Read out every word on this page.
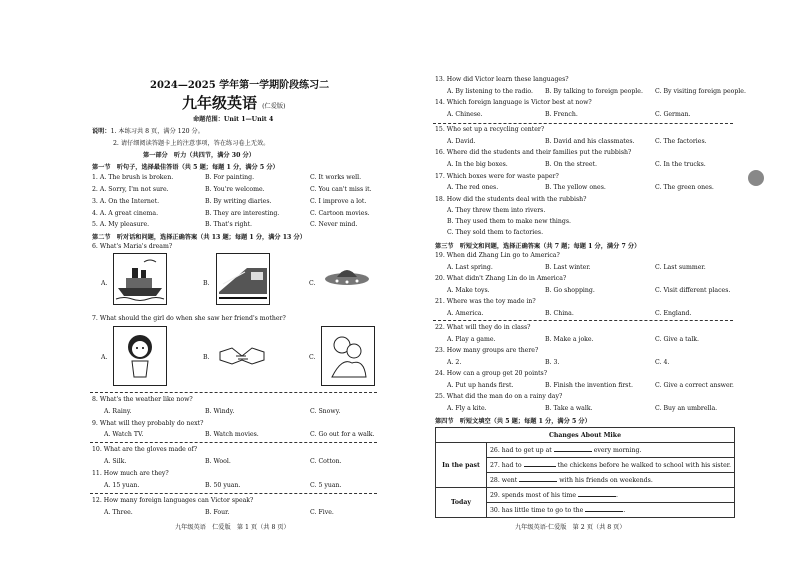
2024—2025 学年第一学期阶段练习二
九年级英语 (仁爱版)
命题范围：Unit 1—Unit 4
说明：1. 本练习共 8 页，满分 120 分。
2. 请仔细阅读答题卡上的注意事项，答在练习卷上无效。
第一部分　听力（共四节，满分 30 分）
第一节　听句子，选择最佳答语（共 5 题；每题 1 分，满分 5 分）
1. A. The brush is broken.	B. For painting.	C. It works well.
2. A. Sorry, I'm not sure.	B. You're welcome.	C. You can't miss it.
3. A. On the Internet.	B. By writing diaries.	C. I improve a lot.
4. A. A great cinema.	B. They are interesting.	C. Cartoon movies.
5. A. My pleasure.	B. That's right.	C. Never mind.
第二节　听对话和问题，选择正确答案（共 13 题；每题 1 分，满分 13 分）
6. What's Maria's dream?
A.	B.	C.
7. What should the girl do when she saw her friend's mother?
A.	B.	C.
8. What's the weather like now?
A. Rainy.	B. Windy.	C. Snowy.
9. What will they probably do next?
A. Watch TV.	B. Watch movies.	C. Go out for a walk.
10. What are the gloves made of?
A. Silk.	B. Wool.	C. Cotton.
11. How much are they?
A. 15 yuan.	B. 50 yuan.	C. 5 yuan.
12. How many foreign languages can Victor speak?
A. Three.	B. Four.	C. Five.
九年级英语　仁爱版　第 1 页（共 8 页）
13. How did Victor learn these languages?
A. By listening to the radio. B. By talking to foreign people. C. By visiting foreign people.
14. Which foreign language is Victor best at now?
A. Chinese.	B. French.	C. German.
15. Who set up a recycling center?
A. David.	B. David and his classmates.	C. The factories.
16. Where did the students and their families put the rubbish?
A. In the big boxes.	B. On the street.	C. In the trucks.
17. Which boxes were for waste paper?
A. The red ones.	B. The yellow ones.	C. The green ones.
18. How did the students deal with the rubbish?
A. They threw them into rivers.
B. They used them to make new things.
C. They sold them to factories.
第三节　听短文和问题，选择正确答案（共 7 题；每题 1 分，满分 7 分）
19. When did Zhang Lin go to America?
A. Last spring.	B. Last winter.	C. Last summer.
20. What didn't Zhang Lin do in America?
A. Make toys.	B. Go shopping.	C. Visit different places.
21. Where was the toy made in?
A. America.	B. China.	C. England.
22. What will they do in class?
A. Play a game.	B. Make a joke.	C. Give a talk.
23. How many groups are there?
A. 2.	B. 3.	C. 4.
24. How can a group get 20 points?
A. Put up hands first.	B. Finish the invention first.	C. Give a correct answer.
25. What did the man do on a rainy day?
A. Fly a kite.	B. Take a walk.	C. Buy an umbrella.
第四节　听短文填空（共 5 题；每题 1 分，满分 5 分）
Changes About Mike	
In the past	26. had to get up at every morning.
	27. had to the chickens before he walked to school with his sister.
	28. went with his friends on weekends.
Today	29. spends most of his time .
	30. has little time to go to the .
九年级英语·仁爱版　第 2 页（共 8 页）
